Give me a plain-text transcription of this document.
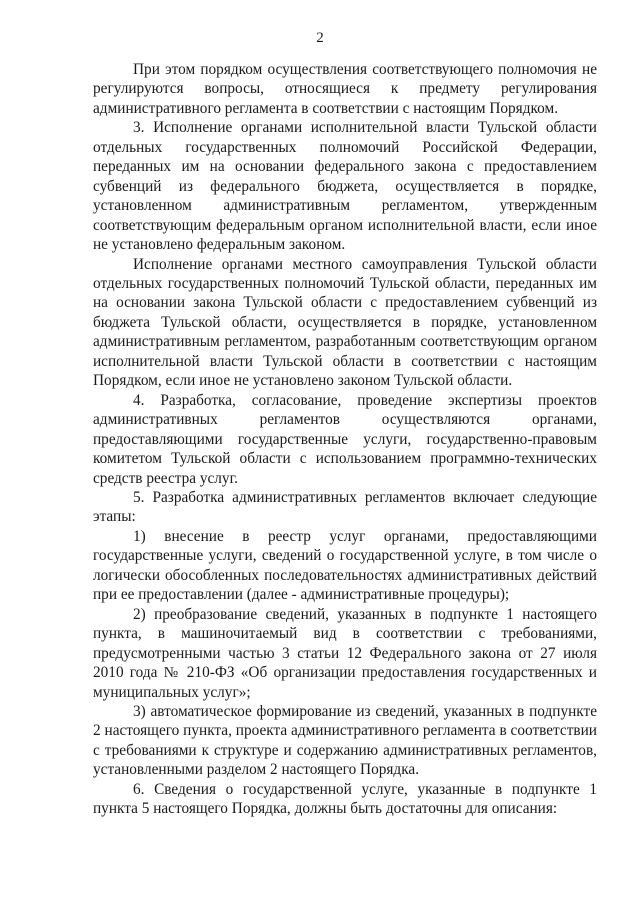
2

При этом порядком осуществления соответствующего полномочия не регулируются вопросы, относящиеся к предмету регулирования административного регламента в соответствии с настоящим Порядком.

3. Исполнение органами исполнительной власти Тульской области отдельных государственных полномочий Российской Федерации, переданных им на основании федерального закона с предоставлением субвенций из федерального бюджета, осуществляется в порядке, установленном административным регламентом, утвержденным соответствующим федеральным органом исполнительной власти, если иное не установлено федеральным законом.

Исполнение органами местного самоуправления Тульской области отдельных государственных полномочий Тульской области, переданных им на основании закона Тульской области с предоставлением субвенций из бюджета Тульской области, осуществляется в порядке, установленном административным регламентом, разработанным соответствующим органом исполнительной власти Тульской области в соответствии с настоящим Порядком, если иное не установлено законом Тульской области.

4. Разработка, согласование, проведение экспертизы проектов административных регламентов осуществляются органами, предоставляющими государственные услуги, государственно-правовым комитетом Тульской области с использованием программно-технических средств реестра услуг.

5. Разработка административных регламентов включает следующие этапы:

1) внесение в реестр услуг органами, предоставляющими государственные услуги, сведений о государственной услуге, в том числе о логически обособленных последовательностях административных действий при ее предоставлении (далее - административные процедуры);

2) преобразование сведений, указанных в подпункте 1 настоящего пункта, в машиночитаемый вид в соответствии с требованиями, предусмотренными частью 3 статьи 12 Федерального закона от 27 июля 2010 года № 210-ФЗ «Об организации предоставления государственных и муниципальных услуг»;

3) автоматическое формирование из сведений, указанных в подпункте 2 настоящего пункта, проекта административного регламента в соответствии с требованиями к структуре и содержанию административных регламентов, установленными разделом 2 настоящего Порядка.

6. Сведения о государственной услуге, указанные в подпункте 1 пункта 5 настоящего Порядка, должны быть достаточны для описания:
